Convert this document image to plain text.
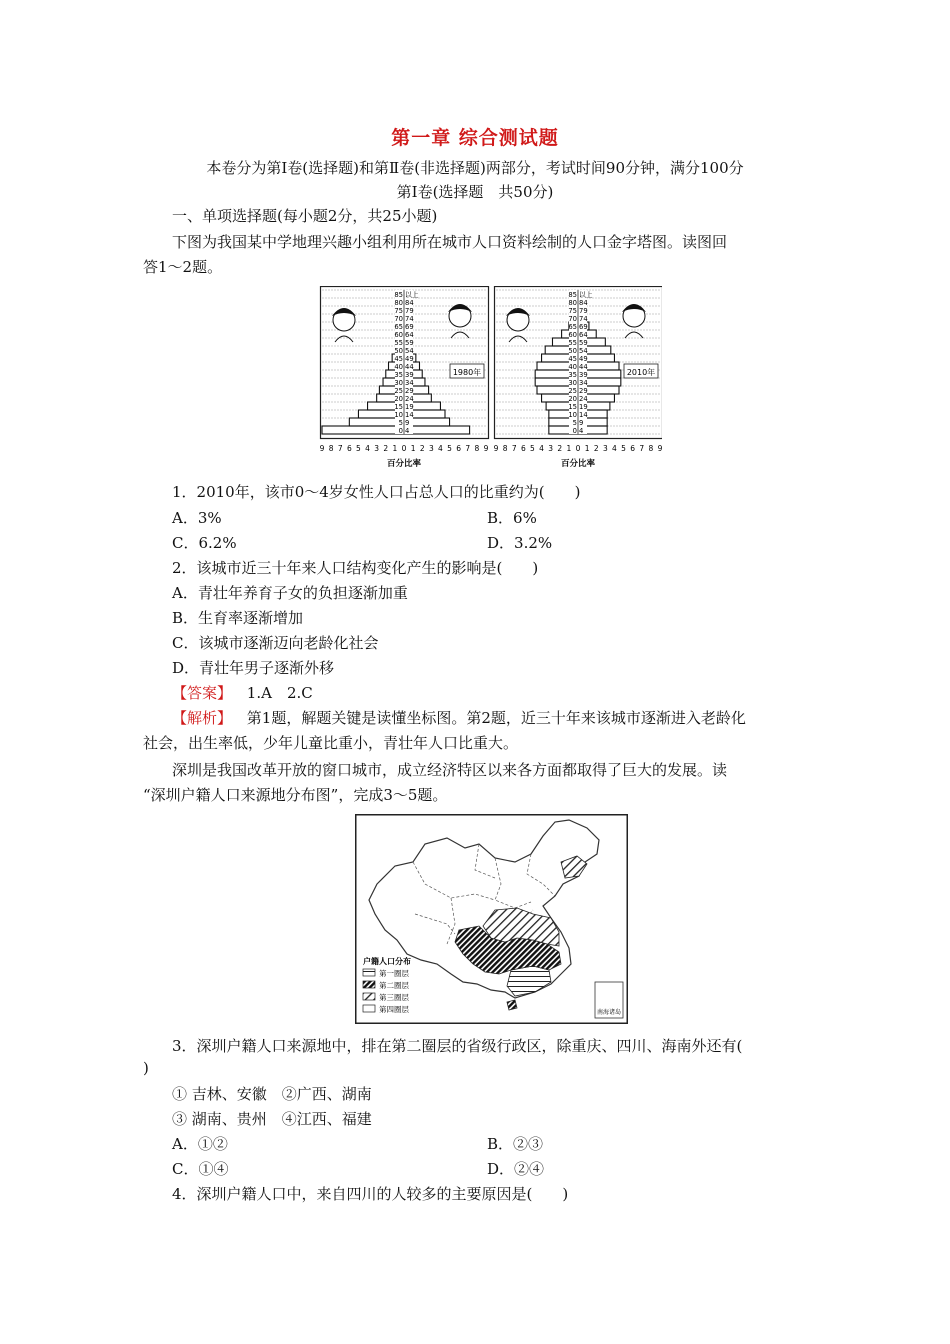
第一章 综合测试题
本卷分为第Ⅰ卷(选择题)和第Ⅱ卷(非选择题)两部分，考试时间90分钟，满分100分
第Ⅰ卷(选择题　共50分)
一、单项选择题(每小题2分，共25小题)
下图为我国某中学地理兴趣小组利用所在城市人口资料绘制的人口金字塔图。读图回
答1～2题。
85 以上
80 84
75 79
70 74
65 69
60 64
55 59
50 54
45 49
40 44
35 39
30 34
25 29
20 24
15 19
10 14
5 9
0 4
1980年
9 8 7 6 5 4 3 2 1 0 1 2 3 4 5 6 7 8 9
百分比率
85 以上
80 84
75 79
70 74
65 69
60 64
55 59
50 54
45 49
40 44
35 39
30 34
25 29
20 24
15 19
10 14
5 9
0 4
2010年
9 8 7 6 5 4 3 2 1 0 1 2 3 4 5 6 7 8 9
百分比率
1．2010年，该市0～4岁女性人口占总人口的比重约为(　　)
A．3%	B．6%
C．6.2%	D．3.2%
2．该城市近三十年来人口结构变化产生的影响是(　　)
A．青壮年养育子女的负担逐渐加重
B．生育率逐渐增加
C．该城市逐渐迈向老龄化社会
D．青壮年男子逐渐外移
【答案】 1.A　2.C
【解析】 第1题，解题关键是读懂坐标图。第2题，近三十年来该城市逐渐进入老龄化
社会，出生率低，少年儿童比重小，青壮年人口比重大。
深圳是我国改革开放的窗口城市，成立经济特区以来各方面都取得了巨大的发展。读
“深圳户籍人口来源地分布图”，完成3～5题。
南海诸岛
户籍人口分布
第一圈层
第二圈层
第三圈层
第四圈层
3．深圳户籍人口来源地中，排在第二圈层的省级行政区，除重庆、四川、海南外还有(
)
① 吉林、安徽　②广西、湖南
③ 湖南、贵州　④江西、福建
A．①②	B．②③
C．①④	D．②④
4．深圳户籍人口中，来自四川的人较多的主要原因是(　　)
